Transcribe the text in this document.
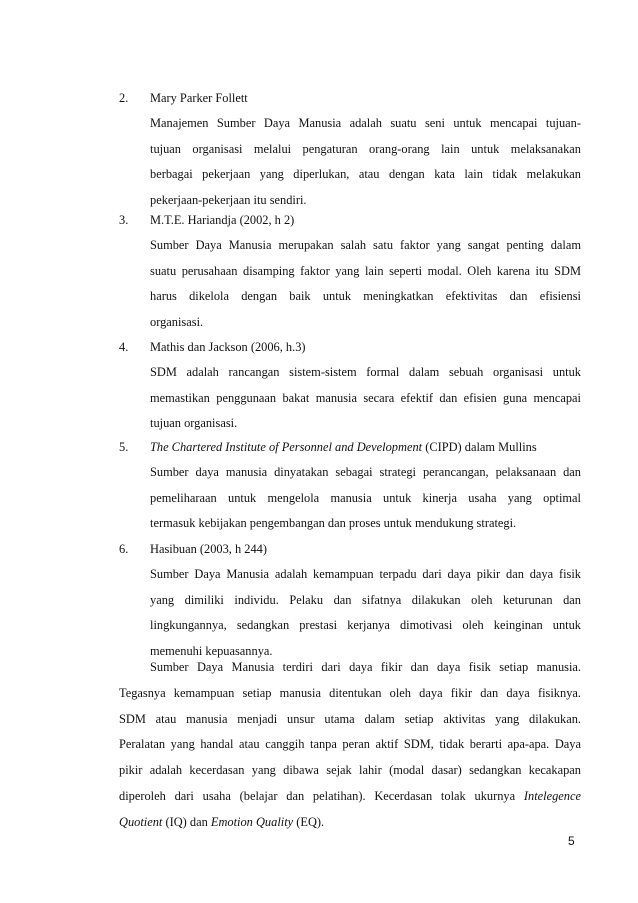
2.	Mary Parker Follett
Manajemen Sumber Daya Manusia adalah suatu seni untuk mencapai tujuan-
tujuan organisasi melalui pengaturan orang-orang lain untuk melaksanakan
berbagai pekerjaan yang diperlukan, atau dengan kata lain tidak melakukan
pekerjaan-pekerjaan itu sendiri.
3.	M.T.E. Hariandja (2002, h 2)
Sumber Daya Manusia merupakan salah satu faktor yang sangat penting dalam
suatu perusahaan disamping faktor yang lain seperti modal. Oleh karena itu SDM
harus dikelola dengan baik untuk meningkatkan efektivitas dan efisiensi
organisasi.
4.	Mathis dan Jackson (2006, h.3)
SDM adalah rancangan sistem-sistem formal dalam sebuah organisasi untuk
memastikan penggunaan bakat manusia secara efektif dan efisien guna mencapai
tujuan organisasi.
5.	The Chartered Institute of Personnel and Development (CIPD) dalam Mullins
Sumber daya manusia dinyatakan sebagai strategi perancangan, pelaksanaan dan
pemeliharaan untuk mengelola manusia untuk kinerja usaha yang optimal
termasuk kebijakan pengembangan dan proses untuk mendukung strategi.
6.	Hasibuan (2003, h 244)
Sumber Daya Manusia adalah kemampuan terpadu dari daya pikir dan daya fisik
yang dimiliki individu. Pelaku dan sifatnya dilakukan oleh keturunan dan
lingkungannya, sedangkan prestasi kerjanya dimotivasi oleh keinginan untuk
memenuhi kepuasannya.
Sumber Daya Manusia terdiri dari daya fikir dan daya fisik setiap manusia.
Tegasnya kemampuan setiap manusia ditentukan oleh daya fikir dan daya fisiknya.
SDM atau manusia menjadi unsur utama dalam setiap aktivitas yang dilakukan.
Peralatan yang handal atau canggih tanpa peran aktif SDM, tidak berarti apa-apa. Daya
pikir adalah kecerdasan yang dibawa sejak lahir (modal dasar) sedangkan kecakapan
diperoleh dari usaha (belajar dan pelatihan). Kecerdasan tolak ukurnya Intelegence
Quotient (IQ) dan Emotion Quality (EQ).
5
